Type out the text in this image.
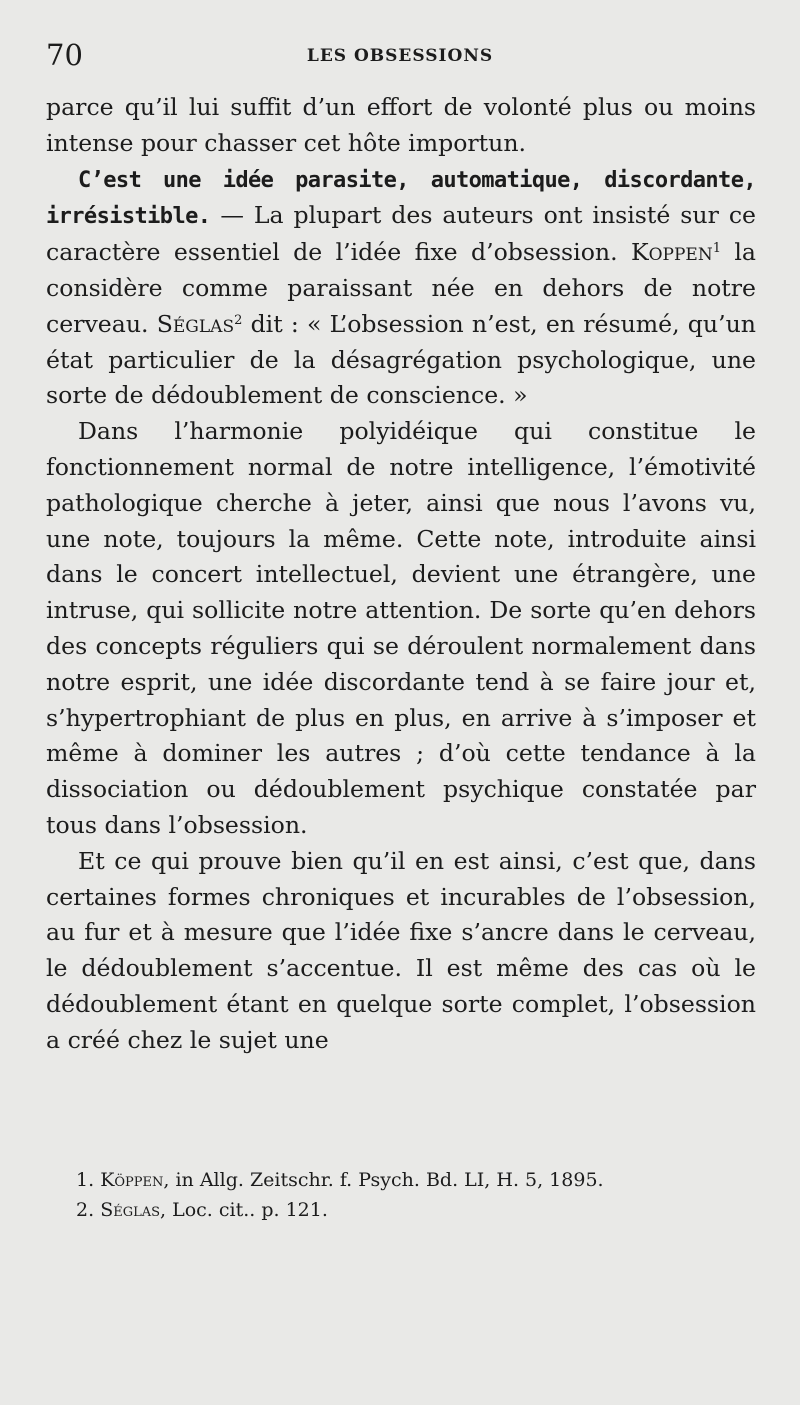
70	LES OBSESSIONS

parce qu’il lui suffit d’un effort de volonté plus ou moins intense pour chasser cet hôte importun.

C’est une idée parasite, automatique, discordante, irrésistible. — La plupart des auteurs ont insisté sur ce caractère essentiel de l’idée fixe d’obsession. Koppen$^1$ la considère comme paraissant née en dehors de notre cerveau. Séglas$^2$ dit : « L’obsession n’est, en résumé, qu’un état particulier de la désagrégation psychologique, une sorte de dédoublement de conscience. »

Dans l’harmonie polyidéique qui constitue le fonctionnement normal de notre intelligence, l’émotivité pathologique cherche à jeter, ainsi que nous l’avons vu, une note, toujours la même. Cette note, introduite ainsi dans le concert intellectuel, devient une étrangère, une intruse, qui sollicite notre attention. De sorte qu’en dehors des concepts réguliers qui se déroulent normalement dans notre esprit, une idée discordante tend à se faire jour et, s’hypertrophiant de plus en plus, en arrive à s’imposer et même à dominer les autres ; d’où cette tendance à la dissociation ou dédoublement psychique constatée par tous dans l’obsession.

Et ce qui prouve bien qu’il en est ainsi, c’est que, dans certaines formes chroniques et incurables de l’obsession, au fur et à mesure que l’idée fixe s’ancre dans le cerveau, le dédoublement s’accentue. Il est même des cas où le dédoublement étant en quelque sorte complet, l’obsession a créé chez le sujet une

1. Köppen, in Allg. Zeitschr. f. Psych. Bd. LI, H. 5, 1895.

2. Séglas, Loc. cit.. p. 121.
